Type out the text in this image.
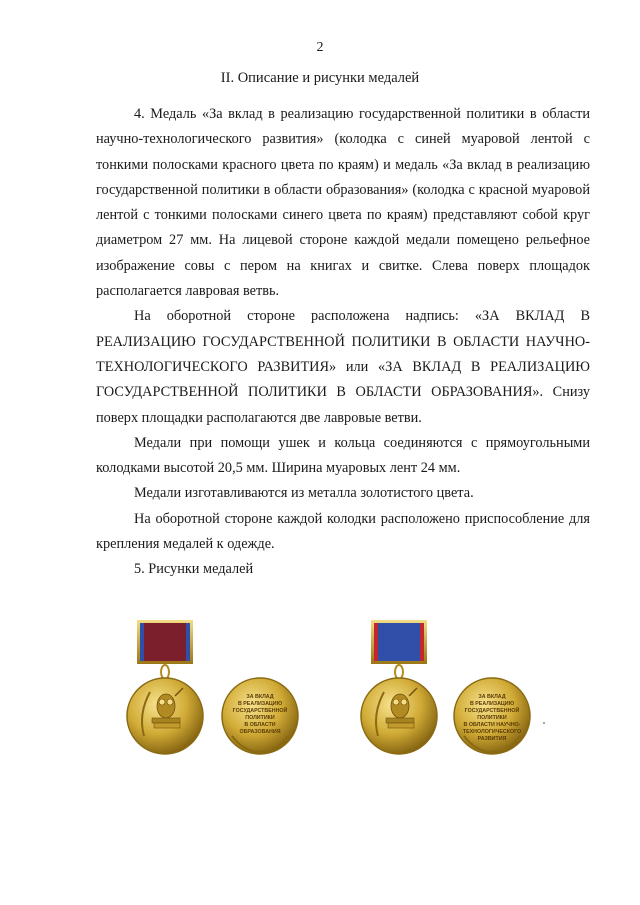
2
II. Описание и рисунки медалей

4. Медаль «За вклад в реализацию государственной политики в области научно-технологического развития» (колодка с синей муаровой лентой с тонкими полосками красного цвета по краям) и медаль «За вклад в реализацию государственной политики в области образования» (колодка с красной муаровой лентой с тонкими полосками синего цвета по краям) представляют собой круг диаметром 27 мм. На лицевой стороне каждой медали помещено рельефное изображение совы с пером на книгах и свитке. Слева поверх площадок располагается лавровая ветвь.

На оборотной стороне расположена надпись: «ЗА ВКЛАД В РЕАЛИЗАЦИЮ ГОСУДАРСТВЕННОЙ ПОЛИТИКИ В ОБЛАСТИ НАУЧНО-ТЕХНОЛОГИЧЕСКОГО РАЗВИТИЯ» или «ЗА ВКЛАД В РЕАЛИЗАЦИЮ ГОСУДАРСТВЕННОЙ ПОЛИТИКИ В ОБЛАСТИ ОБРАЗОВАНИЯ». Снизу поверх площадки располагаются две лавровые ветви.

Медали при помощи ушек и кольца соединяются с прямоугольными колодками высотой 20,5 мм. Ширина муаровых лент 24 мм.

Медали изготавливаются из металла золотистого цвета.

На оборотной стороне каждой колодки расположено приспособление для крепления медалей к одежде.

5. Рисунки медалей

ЗА ВКЛАД
В РЕАЛИЗАЦИЮ
ГОСУДАРСТВЕННОЙ
ПОЛИТИКИ
В ОБЛАСТИ
ОБРАЗОВАНИЯ
ЗА ВКЛАД
В РЕАЛИЗАЦИЮ
ГОСУДАРСТВЕННОЙ
ПОЛИТИКИ
В ОБЛАСТИ НАУЧНО-
ТЕХНОЛОГИЧЕСКОГО
РАЗВИТИЯ
